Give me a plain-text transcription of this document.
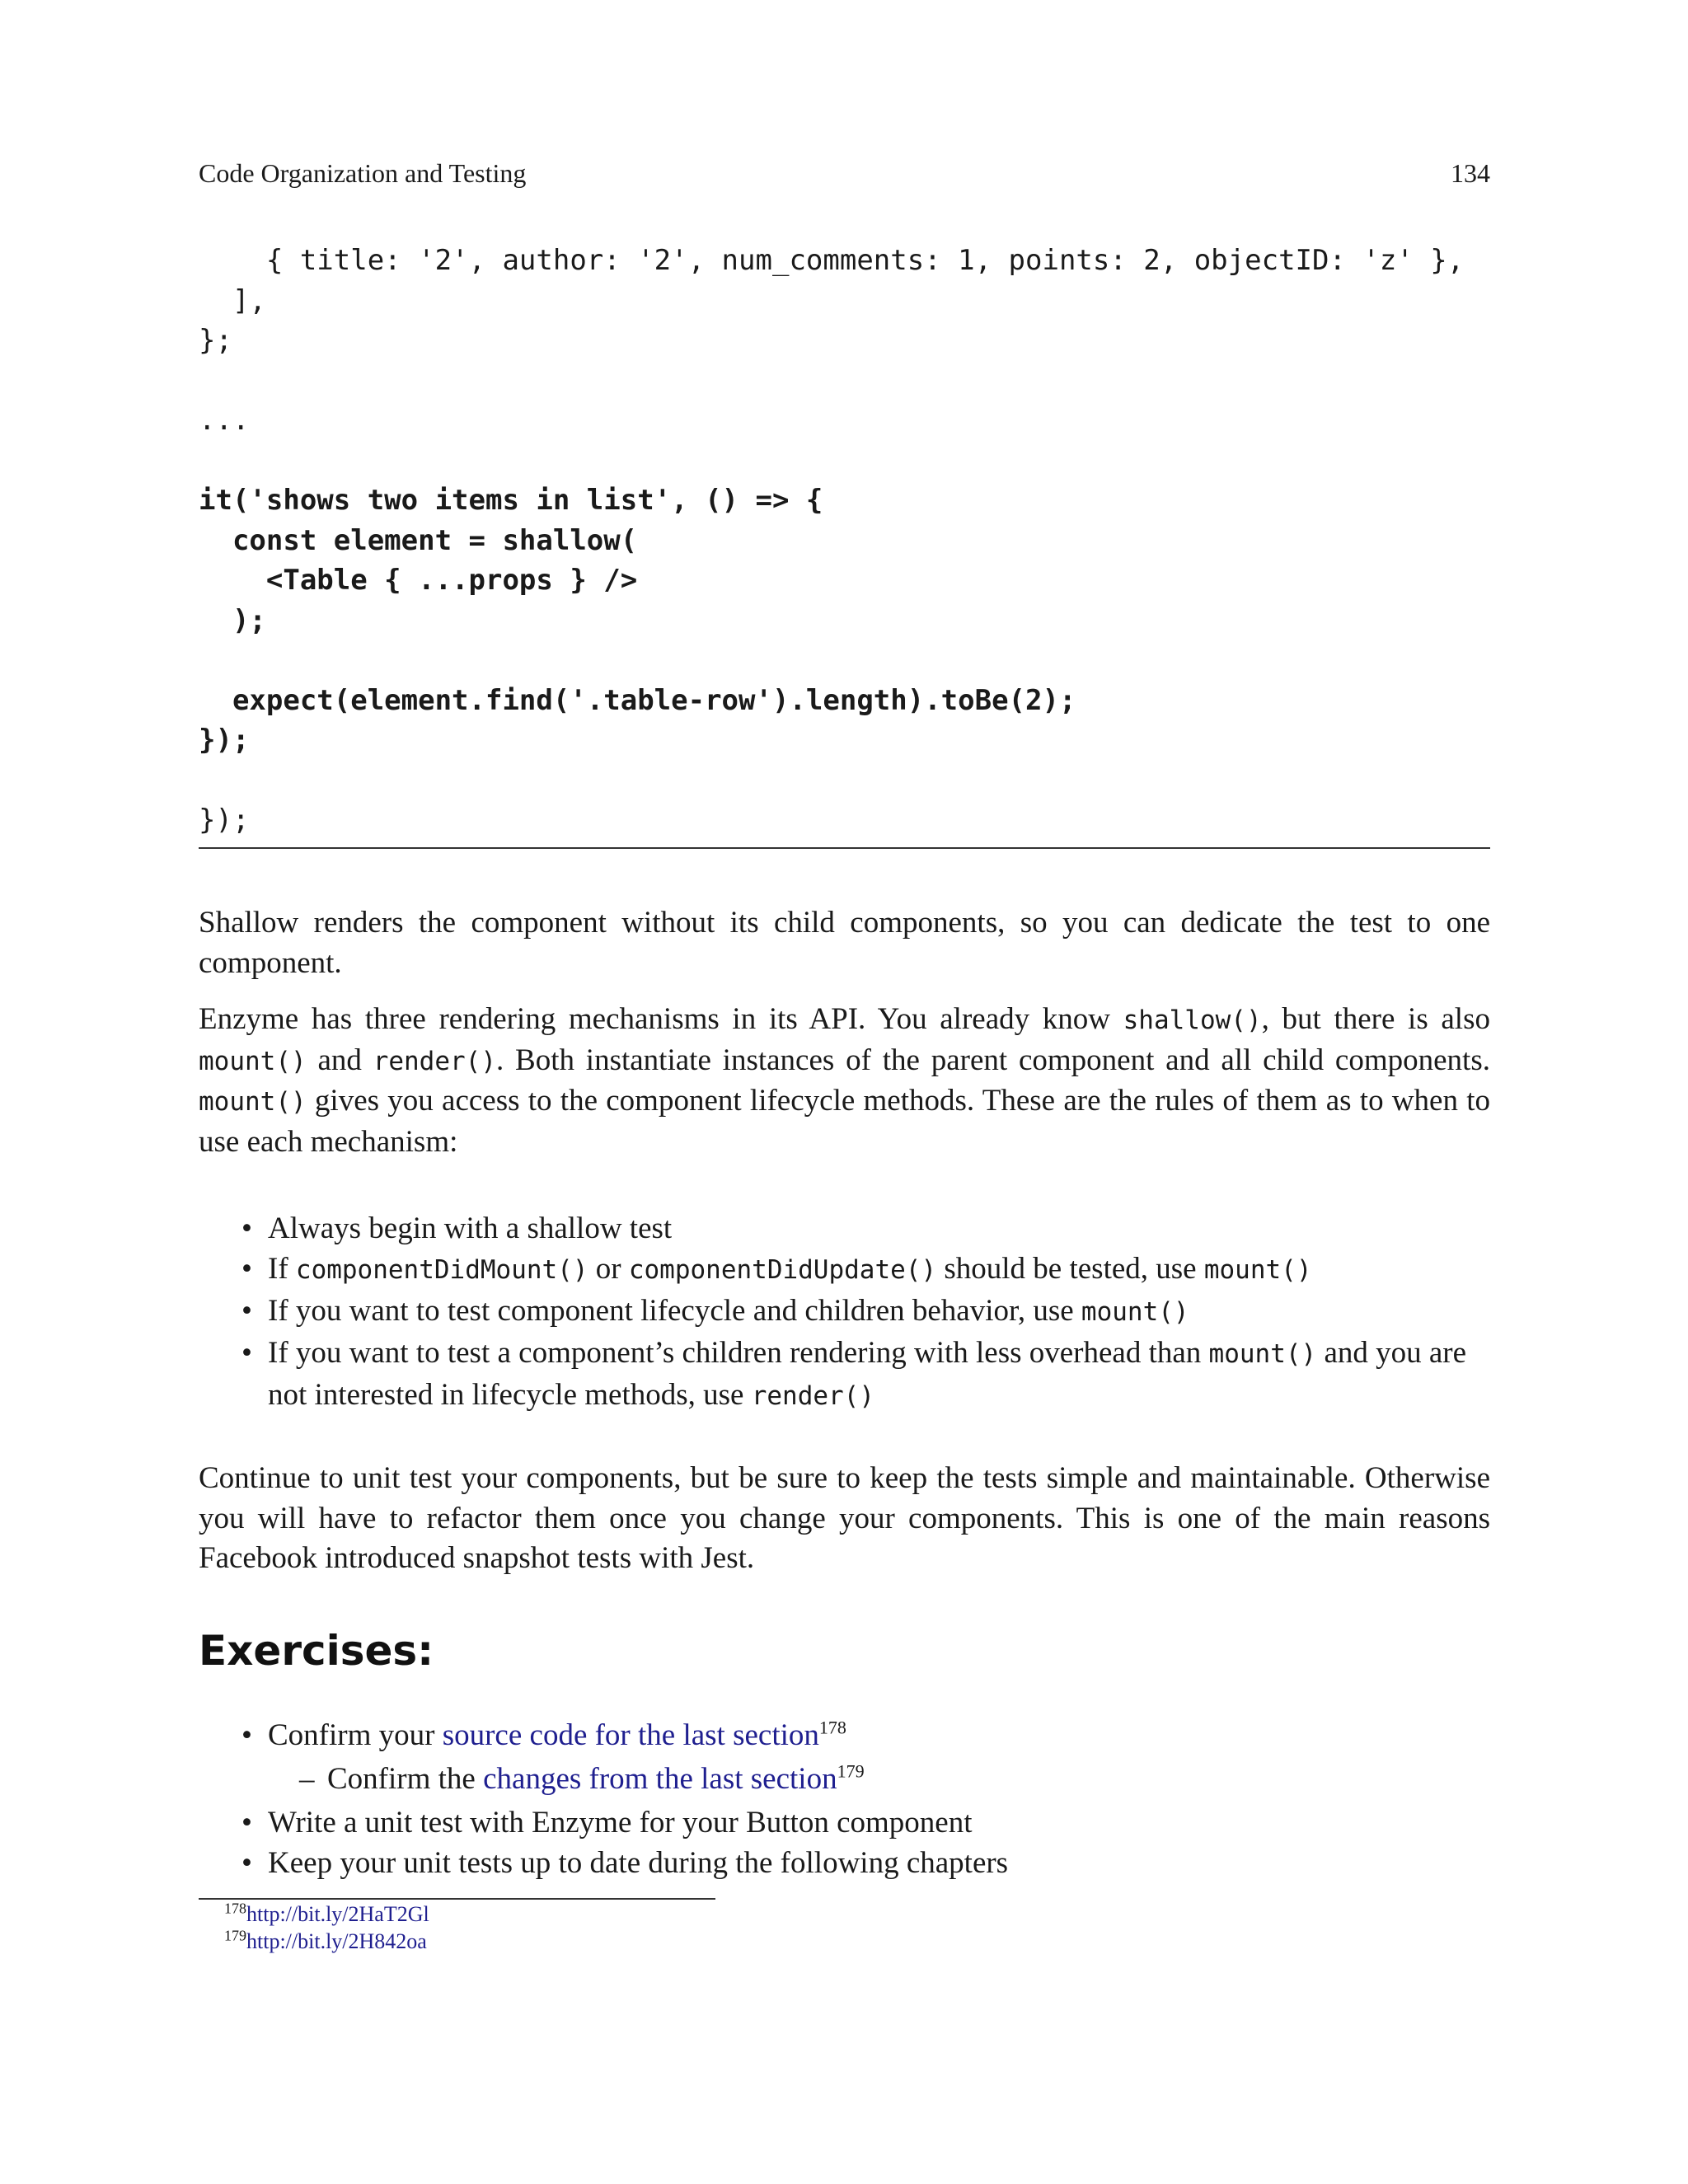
Code Organization and Testing	134
{ title: '2', author: '2', num_comments: 1, points: 2, objectID: 'z' },
],
};

...

it('shows two items in list', () => {
const element = shallow(
<Table { ...props } />
);

expect(element.find('.table-row').length).toBe(2);
});

});

Shallow renders the component without its child components, so you can dedicate the test to one component.

Enzyme has three rendering mechanisms in its API. You already know shallow(), but there is also mount() and render(). Both instantiate instances of the parent component and all child components. mount() gives you access to the component lifecycle methods. These are the rules of them as to when to use each mechanism:

• Always begin with a shallow test
• If componentDidMount() or componentDidUpdate() should be tested, use mount()
• If you want to test component lifecycle and children behavior, use mount()
• If you want to test a component’s children rendering with less overhead than mount() and you are not interested in lifecycle methods, use render()

Continue to unit test your components, but be sure to keep the tests simple and maintainable. Otherwise you will have to refactor them once you change your components. This is one of the main reasons Facebook introduced snapshot tests with Jest.

Exercises:
• Confirm your source code for the last section$^{178}$
– Confirm the changes from the last section$^{179}$
• Write a unit test with Enzyme for your Button component
• Keep your unit tests up to date during the following chapters
$^{178}$http://bit.ly/2HaT2Gl
$^{179}$http://bit.ly/2H842oa
